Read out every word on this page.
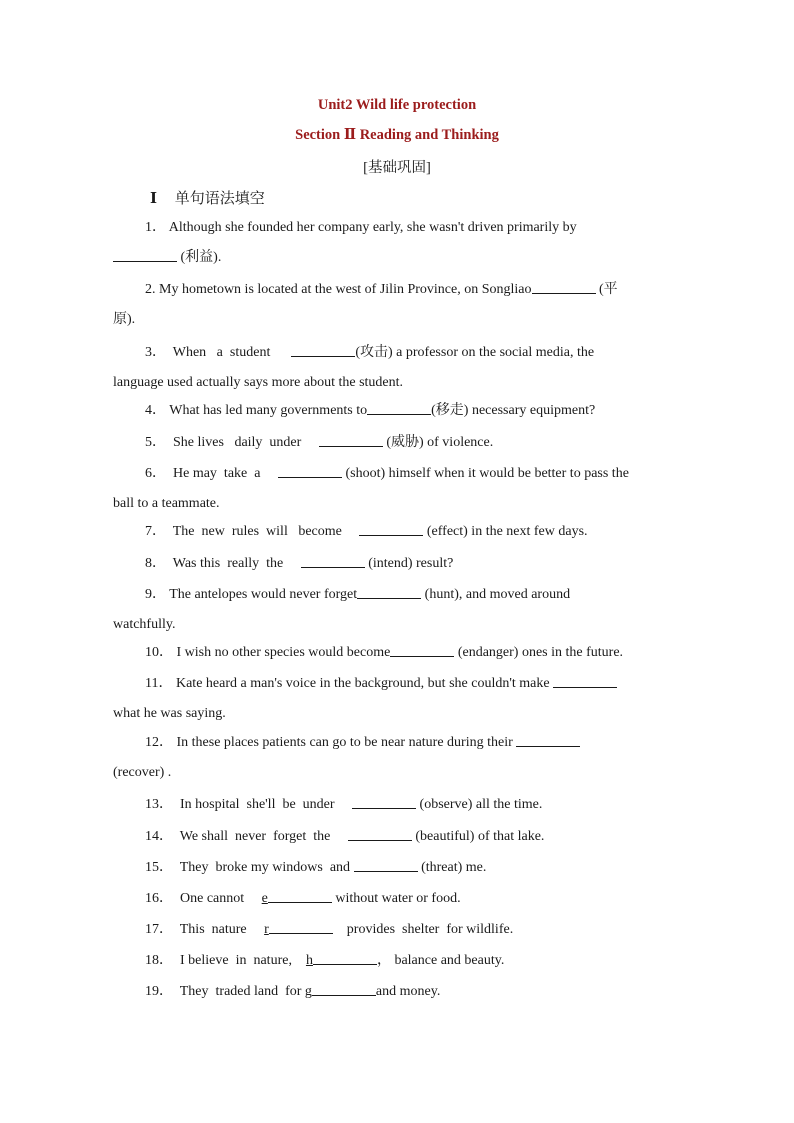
Unit2 Wild life protection
Section Ⅱ Reading and Thinking
[基础巩固]
Ⅰ 单句语法填空
1． Although she founded her company early, she wasn't driven primarily by
(利益).
2. My hometown is located at the west of Jilin Province, on Songliao	(平
原).
3．  When   a  student	(攻击) a professor on the social media, the
language used actually says more about the student.
4． What has led many governments to	(移走) necessary equipment?
5．  She lives   daily  under	(威胁) of violence.
6．  He may  take  a	(shoot) himself when it would be better to pass the
ball to a teammate.
7．  The  new  rules  will   become	(effect) in the next few days.
8．  Was this  really  the	(intend) result?
9． The antelopes would never forget	(hunt), and moved around
watchfully.
10． I wish no other species would become	(endanger) ones in the future.
11． Kate heard a man's voice in the background, but she couldn't make
what he was saying.
12． In these places patients can go to be near nature during their
(recover) .
13．  In hospital  she'll  be  under	(observe) all the time.
14．  We shall  never  forget  the	(beautiful) of that lake.
15．  They  broke my windows  and	(threat) me.
16．  One cannot     e	without water or food.
17．  This  nature     r	provides  shelter  for wildlife.
18．  I believe  in  nature,    h	， balance and beauty.
19．  They  traded land  for g	and money.
